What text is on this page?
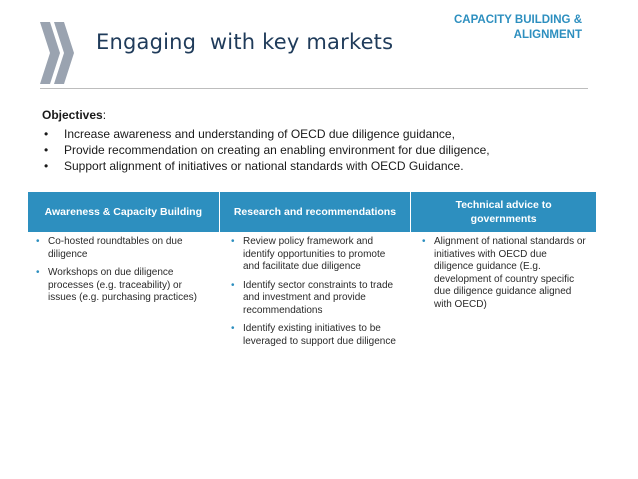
Engaging  with key markets
CAPACITY BUILDING &
ALIGNMENT
Objectives:
• Increase awareness and understanding of OECD due diligence guidance,
• Provide recommendation on creating an enabling environment for due diligence,
• Support alignment of initiatives or national standards with OECD Guidance.
Awareness & Capacity Building	Research and recommendations
Technical advice to governments
• Co-hosted roundtables on due diligence
• Workshops on due diligence processes (e.g. traceability) or issues (e.g. purchasing practices)
• Review policy framework and identify opportunities to promote and facilitate due diligence
• Identify sector constraints to trade and investment and provide recommendations
• Identify existing initiatives to be leveraged to support due diligence
• Alignment of national standards or initiatives with OECD due diligence guidance (E.g. development of country specific due diligence guidance aligned with OECD)
